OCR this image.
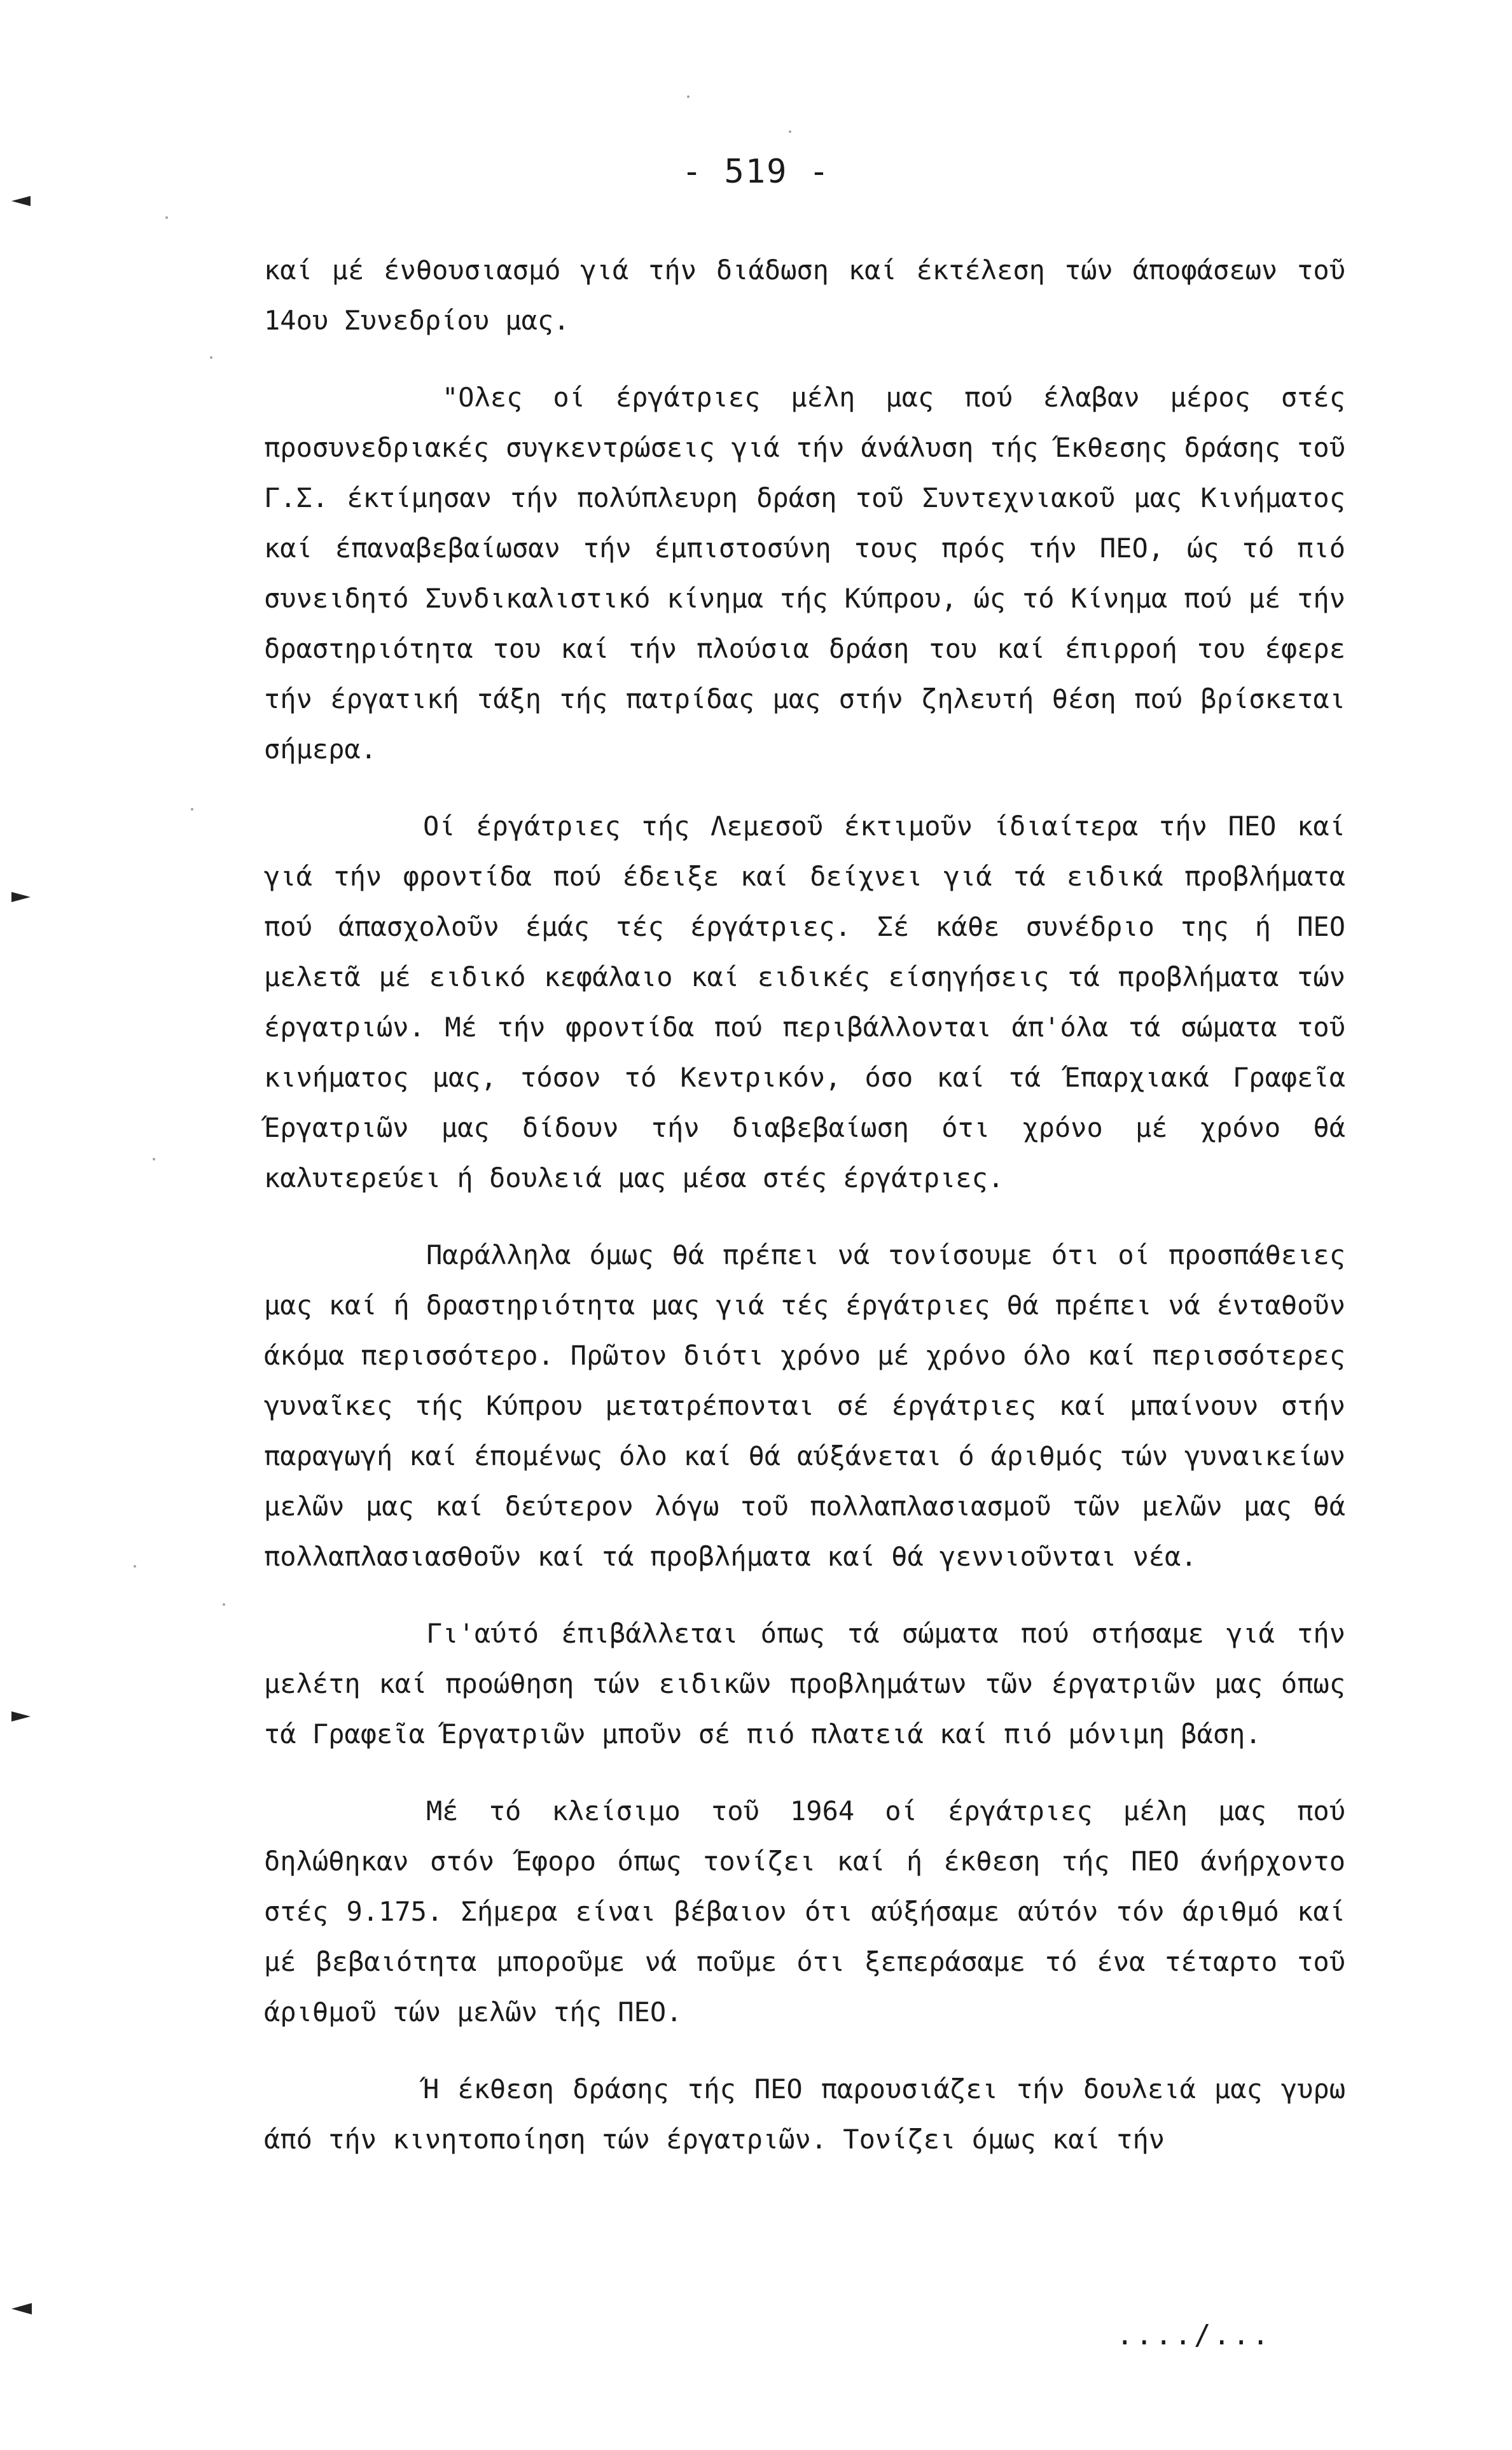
- 519 -

καί μέ ένθουσιασμό γιά τήν διάδωση καί έκτέλεση τών άποφάσεων τοῦ 14ου Συνεδρίου μας.

"Ολες οί έργάτριες μέλη μας πού έλαβαν μέρος στές προσυνεδριακές συγκεντρώσεις γιά τήν άνάλυση τής Έκθεσης δράσης τοῦ Γ.Σ. έκτίμησαν τήν πολύπλευρη δράση τοῦ Συντεχνιακοῦ μας Κινήματος καί έπαναβεβαίωσαν τήν έμπιστοσύνη τους πρός τήν ΠΕΟ, ώς τό πιό συνειδητό Συνδικαλιστικό κίνημα τής Κύπρου, ώς τό Κίνημα πού μέ τήν δραστηριότητα του καί τήν πλούσια δράση του καί έπιρροή του έφερε τήν έργατική τάξη τής πατρίδας μας στήν ζηλευτή θέση πού βρίσκεται σήμερα.

Οί έργάτριες τής Λεμεσοῦ έκτιμοῦν ίδιαίτερα τήν ΠΕΟ καί γιά τήν φροντίδα πού έδειξε καί δείχνει γιά τά ειδικά προβλήματα πού άπασχολοῦν έμάς τές έργάτριες. Σέ κάθε συνέδριο της ή ΠΕΟ μελετᾶ μέ ειδικό κεφάλαιο καί ειδικές είσηγήσεις τά προβλήματα τών έργατριών. Μέ τήν φροντίδα πού περιβάλλονται άπ'όλα τά σώματα τοῦ κινήματος μας, τόσον τό Κεντρικόν, όσο καί τά Έπαρχιακά Γραφεῖα Έργατριῶν μας δίδουν τήν διαβεβαίωση ότι χρόνο μέ χρόνο θά καλυτερεύει ή δουλειά μας μέσα στές έργάτριες.

Παράλληλα όμως θά πρέπει νά τονίσουμε ότι οί προσπάθειες μας καί ή δραστηριότητα μας γιά τές έργάτριες θά πρέπει νά ένταθοῦν άκόμα περισσότερο. Πρῶτον διότι χρόνο μέ χρόνο όλο καί περισσότερες γυναῖκες τής Κύπρου μετατρέπονται σέ έργάτριες καί μπαίνουν στήν παραγωγή καί έπομένως όλο καί θά αύξάνεται ό άριθμός τών γυναικείων μελῶν μας καί δεύτερον λόγω τοῦ πολλαπλασιασμοῦ τῶν μελῶν μας θά πολλαπλασιασθοῦν καί τά προβλήματα καί θά γεννιοῦνται νέα.

Γι'αύτό έπιβάλλεται όπως τά σώματα πού στήσαμε γιά τήν μελέτη καί προώθηση τών ειδικῶν προβλημάτων τῶν έργατριῶν μας όπως τά Γραφεῖα Έργατριῶν μποῦν σέ πιό πλατειά καί πιό μόνιμη βάση.

Μέ τό κλείσιμο τοῦ 1964 οί έργάτριες μέλη μας πού δηλώθηκαν στόν Έφορο όπως τονίζει καί ή έκθεση τής ΠΕΟ άνήρχοντο στές 9.175. Σήμερα είναι βέβαιον ότι αύξήσαμε αύτόν τόν άριθμό καί μέ βεβαιότητα μποροῦμε νά ποῦμε ότι ξεπεράσαμε τό ένα τέταρτο τοῦ άριθμοῦ τών μελῶν τής ΠΕΟ.

Ή έκθεση δράσης τής ΠΕΟ παρουσιάζει τήν δουλειά μας γυρω άπό τήν κινητοποίηση τών έργατριῶν. Τονίζει όμως καί τήν

..../...
